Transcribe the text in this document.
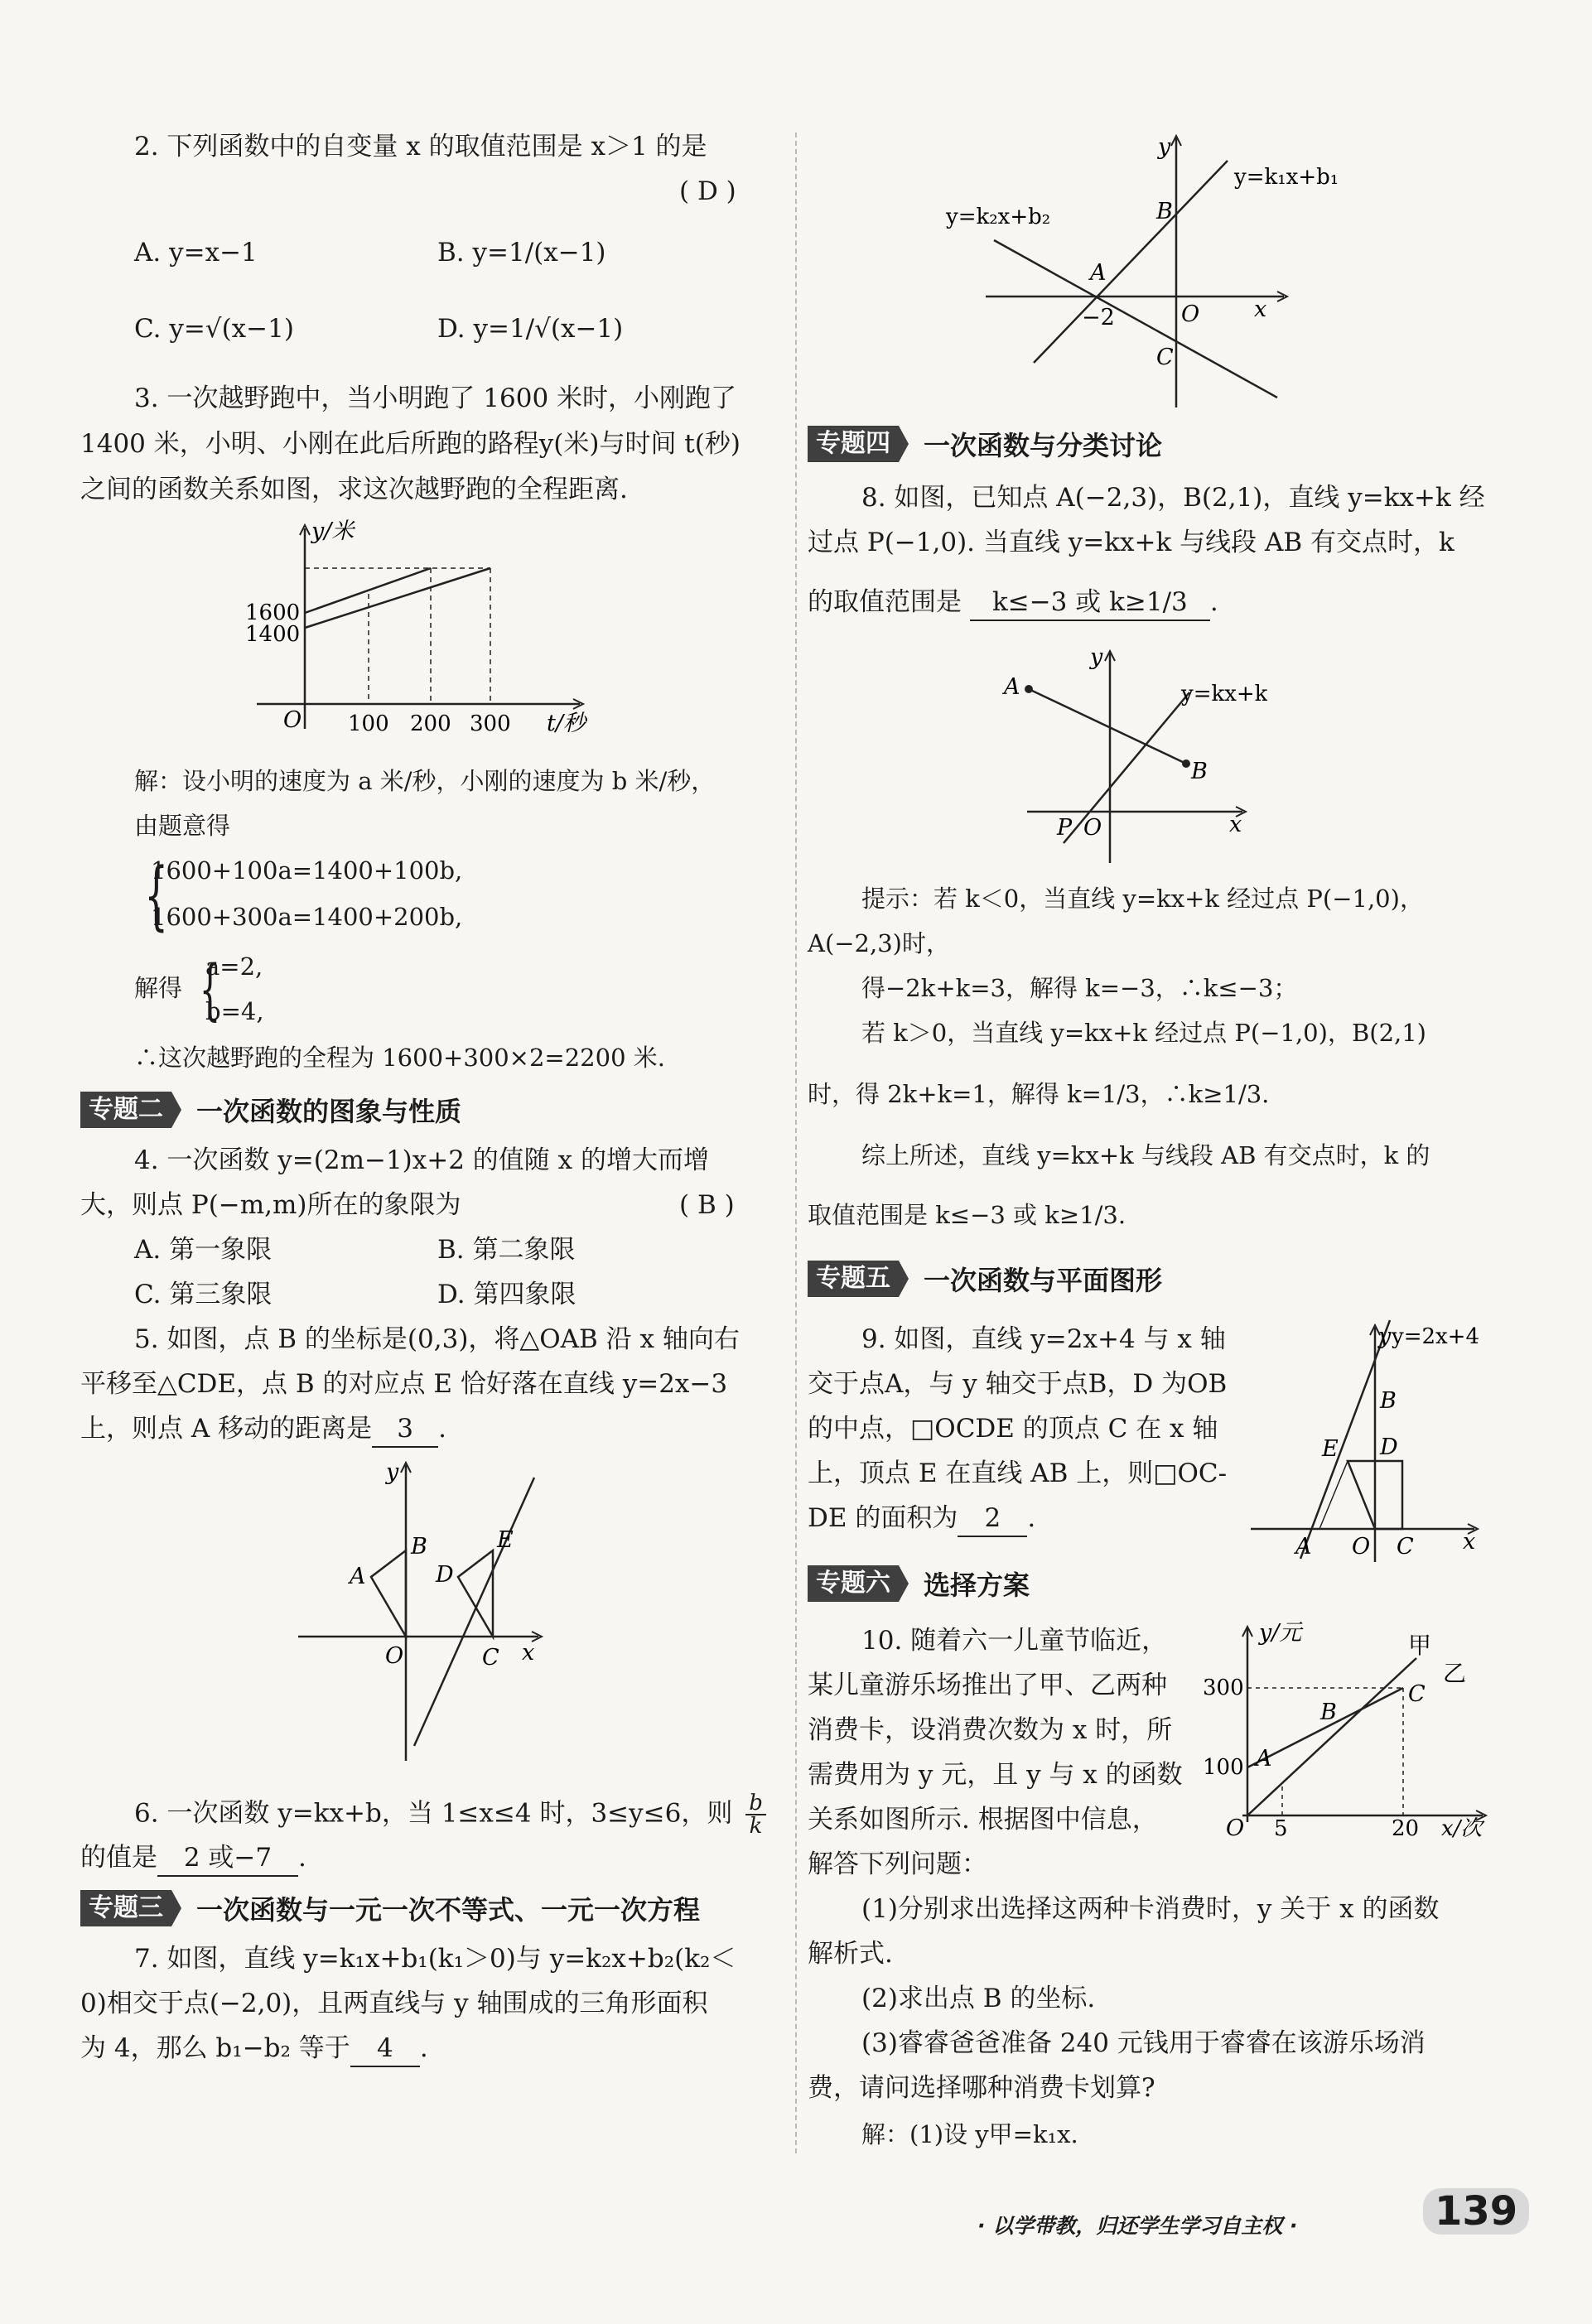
2. 下列函数中的自变量 x 的取值范围是 x＞1 的是
( D )
A. y=x−1	B. y=1/(x−1)
C. y=√(x−1)	D. y=1/√(x−1)
3. 一次越野跑中，当小明跑了 1600 米时，小刚跑了
1400 米，小明、小刚在此后所跑的路程y(米)与时间 t(秒)
之间的函数关系如图，求这次越野跑的全程距离.
y/米
t/秒
O
1600
1400
100 200 300
解：设小明的速度为 a 米/秒，小刚的速度为 b 米/秒，
由题意得
{
1600+100a=1400+100b,
1600+300a=1400+200b,
解得 {
a=2,
b=4,
∴这次越野跑的全程为 1600+300×2=2200 米.
专题二	一次函数的图象与性质
4. 一次函数 y=(2m−1)x+2 的值随 x 的增大而增
大，则点 P(−m,m)所在的象限为	( B )
A. 第一象限	B. 第二象限
C. 第三象限	D. 第四象限
5. 如图，点 B 的坐标是(0,3)，将△OAB 沿 x 轴向右
平移至△CDE，点 B 的对应点 E 恰好落在直线 y=2x−3
上，则点 A 移动的距离是 3 .
y
x
O
A
B
C
D
E
6. 一次函数 y=kx+b，当 1≤x≤4 时，3≤y≤6，则 $\frac{b}{k}$
的值是 2 或−7 .
专题三	一次函数与一元一次不等式、一元一次方程
7. 如图，直线 y=k₁x+b₁(k₁＞0)与 y=k₂x+b₂(k₂＜
0)相交于点(−2,0)，且两直线与 y 轴围成的三角形面积
为 4，那么 b₁−b₂ 等于 4 .
y
x
O
A
B
C
−2
y=k₁x+b₁
y=k₂x+b₂
专题四	一次函数与分类讨论
8. 如图，已知点 A(−2,3)，B(2,1)，直线 y=kx+k 经
过点 P(−1,0). 当直线 y=kx+k 与线段 AB 有交点时，k
的取值范围是 k≤−3 或 k≥1/3 .
y
x
O
P
A
B
y=kx+k
提示：若 k＜0，当直线 y=kx+k 经过点 P(−1,0)，
A(−2,3)时，
得−2k+k=3，解得 k=−3，∴k≤−3；
若 k＞0，当直线 y=kx+k 经过点 P(−1,0)，B(2,1)
时，得 2k+k=1，解得 k=1/3，∴k≥1/3.
综上所述，直线 y=kx+k 与线段 AB 有交点时，k 的
取值范围是 k≤−3 或 k≥1/3.
专题五	一次函数与平面图形
9. 如图，直线 y=2x+4 与 x 轴
交于点A，与 y 轴交于点B，D 为OB
的中点，□OCDE 的顶点 C 在 x 轴
上，顶点 E 在直线 AB 上，则□OC-
DE 的面积为 2 .
y y=2x+4
x
O
A
B
C
D
E
专题六	选择方案
10. 随着六一儿童节临近，
某儿童游乐场推出了甲、乙两种
消费卡，设消费次数为 x 时，所
需费用为 y 元，且 y 与 x 的函数
关系如图所示. 根据图中信息，
解答下列问题：
y/元
x/次
O
300
100
5	20
A
B
C
甲
乙
(1)分别求出选择这两种卡消费时，y 关于 x 的函数
解析式.
(2)求出点 B 的坐标.
(3)睿睿爸爸准备 240 元钱用于睿睿在该游乐场消
费，请问选择哪种消费卡划算?
解：(1)设 y甲=k₁x.
· 以学带教，归还学生学习自主权 ·	139
